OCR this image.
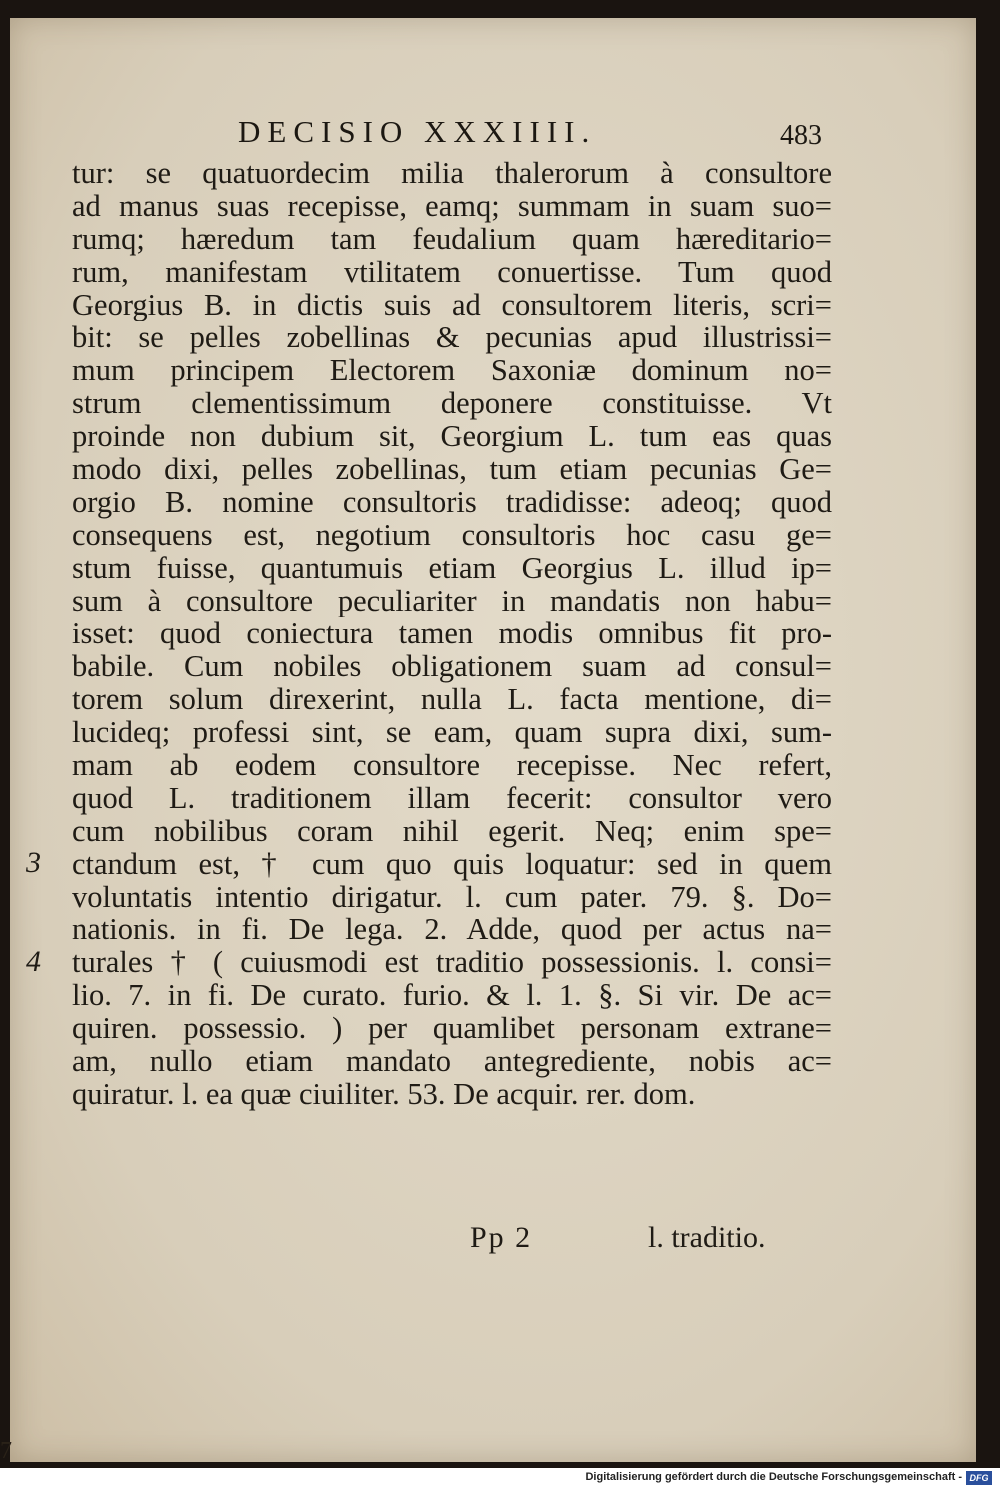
DECISIO XXXIIII.	483
tur: se quatuordecim milia thalerorum à consultore
ad manus suas recepisse, eamq; summam in suam suo=
rumq; hæredum tam feudalium quam hæreditario=
rum, manifestam vtilitatem conuertisse. Tum quod
Georgius B. in dictis suis ad consultorem literis, scri=
bit: se pelles zobellinas & pecunias apud illustrissi=
mum principem Electorem Saxoniæ dominum no=
strum clementissimum deponere constituisse. Vt
proinde non dubium sit, Georgium L. tum eas quas
modo dixi, pelles zobellinas, tum etiam pecunias Ge=
orgio B. nomine consultoris tradidisse: adeoq; quod
consequens est, negotium consultoris hoc casu ge=
stum fuisse, quantumuis etiam Georgius L. illud ip=
sum à consultore peculiariter in mandatis non habu=
isset: quod coniectura tamen modis omnibus fit pro-
babile. Cum nobiles obligationem suam ad consul=
torem solum direxerint, nulla L. facta mentione, di=
lucideq; professi sint, se eam, quam supra dixi, sum-
mam ab eodem consultore recepisse. Nec refert,
quod L. traditionem illam fecerit: consultor vero
cum nobilibus coram nihil egerit. Neq; enim spe=
ctandum est, † cum quo quis loquatur: sed in quem
voluntatis intentio dirigatur. l. cum pater. 79. §. Do=
nationis. in fi. De lega. 2. Adde, quod per actus na=
turales † ( cuiusmodi est traditio possessionis. l. consi=
lio. 7. in fi. De curato. furio. & l. 1. §. Si vir. De ac=
quiren. possessio. ) per quamlibet personam extrane=
am, nullo etiam mandato antegrediente, nobis ac=
quiratur. l. ea quæ ciuiliter. 53. De acquir. rer. dom.
3
4
Pp 2	l. traditio.
7
Digitalisierung gefördert durch die Deutsche Forschungsgemeinschaft - DFG
